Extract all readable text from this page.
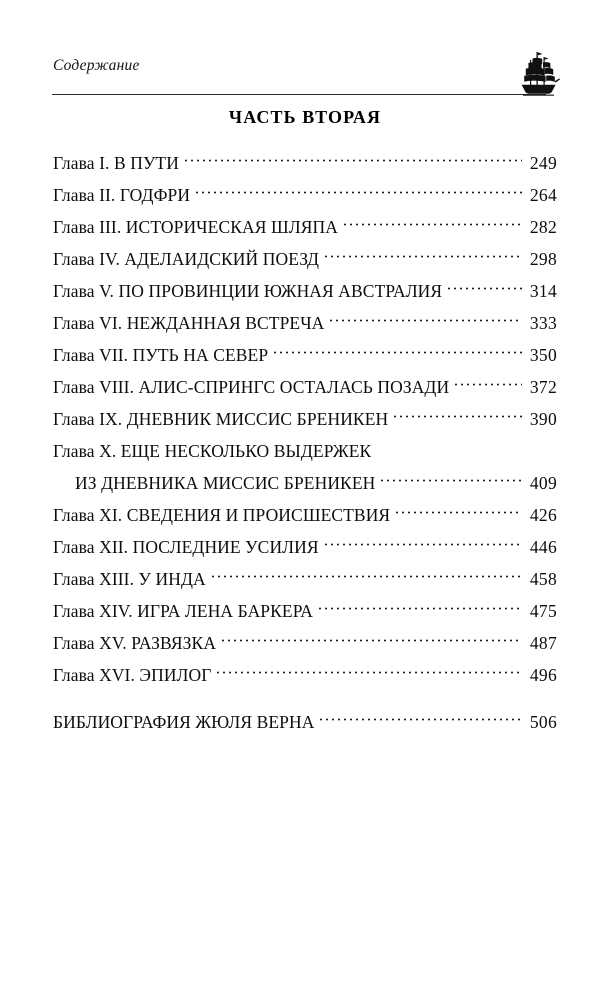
Содержание
ЧАСТЬ ВТОРАЯ
Глава I. В ПУТИ	249
Глава II. ГОДФРИ	264
Глава III. ИСТОРИЧЕСКАЯ ШЛЯПА	282
Глава IV. АДЕЛАИДСКИЙ ПОЕЗД	298
Глава V. ПО ПРОВИНЦИИ ЮЖНАЯ АВСТРАЛИЯ	314
Глава VI. НЕЖДАННАЯ ВСТРЕЧА	333
Глава VII. ПУТЬ НА СЕВЕР	350
Глава VIII. АЛИС-СПРИНГС ОСТАЛАСЬ ПОЗАДИ	372
Глава IX. ДНЕВНИК МИССИС БРЕНИКЕН	390
Глава X. ЕЩЕ НЕСКОЛЬКО ВЫДЕРЖЕК
ИЗ ДНЕВНИКА МИССИС БРЕНИКЕН	409
Глава XI. СВЕДЕНИЯ И ПРОИСШЕСТВИЯ	426
Глава XII. ПОСЛЕДНИЕ УСИЛИЯ	446
Глава XIII. У ИНДА	458
Глава XIV. ИГРА ЛЕНА БАРКЕРА	475
Глава XV. РАЗВЯЗКА	487
Глава XVI. ЭПИЛОГ	496
БИБЛИОГРАФИЯ ЖЮЛЯ ВЕРНА	506
